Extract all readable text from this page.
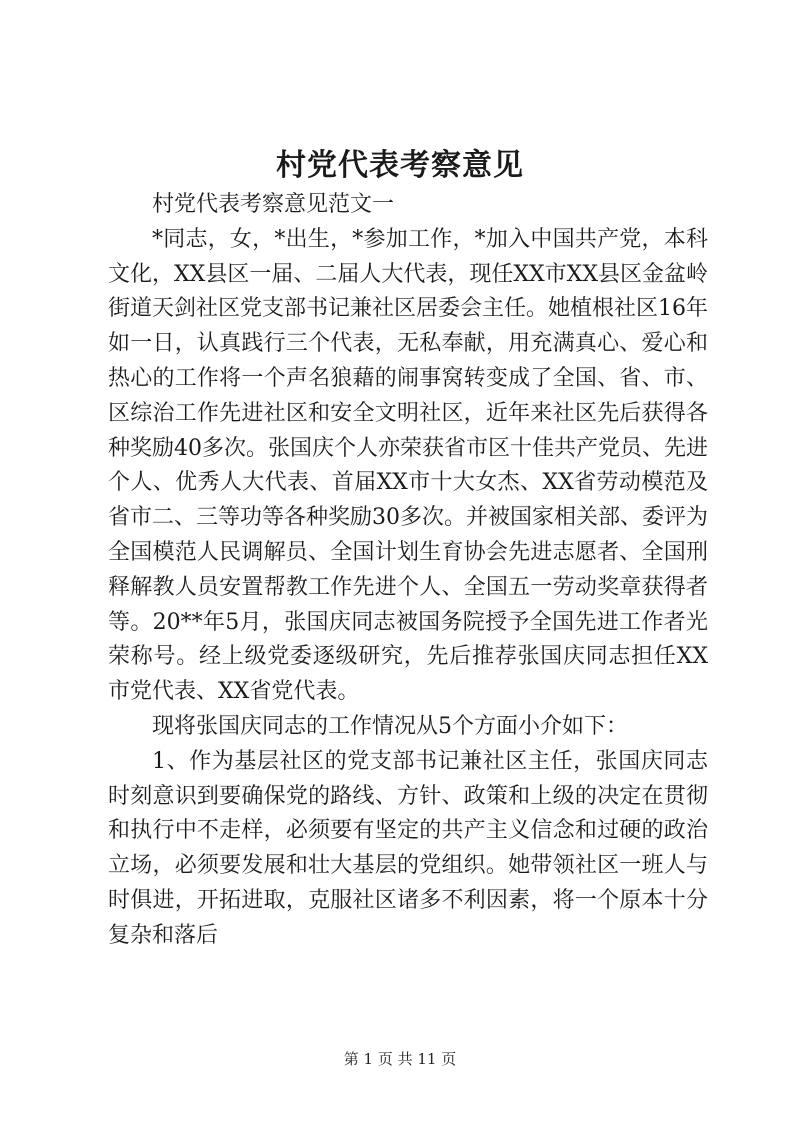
村党代表考察意见

村党代表考察意见范文一

*同志，女，*出生，*参加工作，*加入中国共产党，本科文化，XX县区一届、二届人大代表，现任XX市XX县区金盆岭街道天剑社区党支部书记兼社区居委会主任。她植根社区16年如一日，认真践行三个代表，无私奉献，用充满真心、爱心和热心的工作将一个声名狼藉的闹事窝转变成了全国、省、市、区综治工作先进社区和安全文明社区，近年来社区先后获得各种奖励40多次。张国庆个人亦荣获省市区十佳共产党员、先进个人、优秀人大代表、首届XX市十大女杰、XX省劳动模范及省市二、三等功等各种奖励30多次。并被国家相关部、委评为全国模范人民调解员、全国计划生育协会先进志愿者、全国刑释解教人员安置帮教工作先进个人、全国五一劳动奖章获得者等。20**年5月，张国庆同志被国务院授予全国先进工作者光荣称号。经上级党委逐级研究，先后推荐张国庆同志担任XX市党代表、XX省党代表。

现将张国庆同志的工作情况从5个方面小介如下：

1、作为基层社区的党支部书记兼社区主任，张国庆同志时刻意识到要确保党的路线、方针、政策和上级的决定在贯彻和执行中不走样，必须要有坚定的共产主义信念和过硬的政治立场，必须要发展和壮大基层的党组织。她带领社区一班人与时俱进，开拓进取，克服社区诸多不利因素，将一个原本十分复杂和落后

第 1 页 共 11 页
